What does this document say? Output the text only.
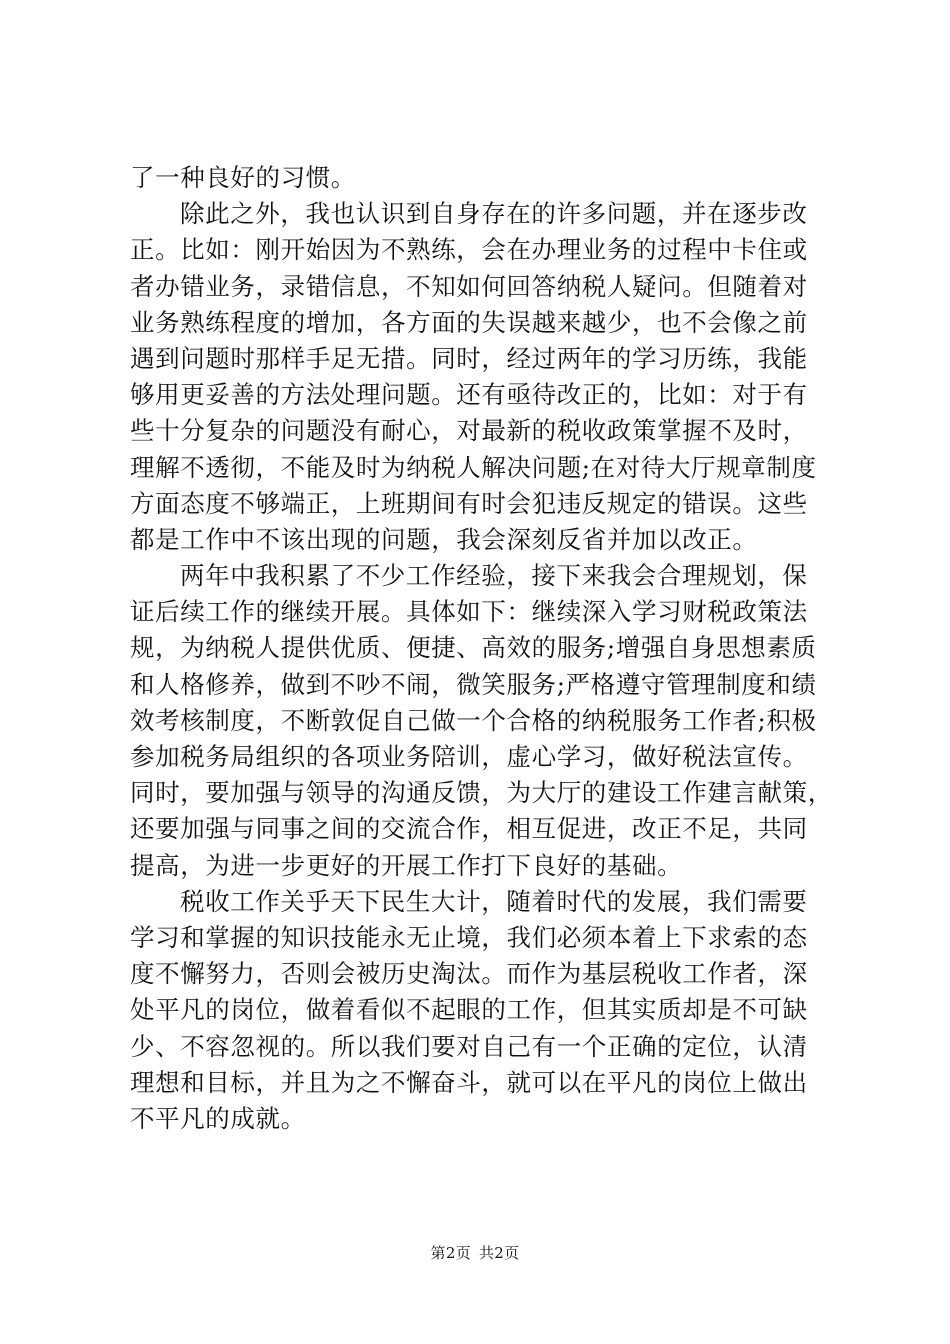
了一种良好的习惯。
除此之外，我也认识到自身存在的许多问题，并在逐步改
正。比如：刚开始因为不熟练，会在办理业务的过程中卡住或
者办错业务，录错信息，不知如何回答纳税人疑问。但随着对
业务熟练程度的增加，各方面的失误越来越少，也不会像之前
遇到问题时那样手足无措。同时，经过两年的学习历练，我能
够用更妥善的方法处理问题。还有亟待改正的，比如：对于有
些十分复杂的问题没有耐心，对最新的税收政策掌握不及时，
理解不透彻，不能及时为纳税人解决问题;在对待大厅规章制度
方面态度不够端正，上班期间有时会犯违反规定的错误。这些
都是工作中不该出现的问题，我会深刻反省并加以改正。
两年中我积累了不少工作经验，接下来我会合理规划，保
证后续工作的继续开展。具体如下：继续深入学习财税政策法
规，为纳税人提供优质、便捷、高效的服务;增强自身思想素质
和人格修养，做到不吵不闹，微笑服务;严格遵守管理制度和绩
效考核制度，不断敦促自己做一个合格的纳税服务工作者;积极
参加税务局组织的各项业务陪训，虚心学习，做好税法宣传。
同时，要加强与领导的沟通反馈，为大厅的建设工作建言献策，
还要加强与同事之间的交流合作，相互促进，改正不足，共同
提高，为进一步更好的开展工作打下良好的基础。
税收工作关乎天下民生大计，随着时代的发展，我们需要
学习和掌握的知识技能永无止境，我们必须本着上下求索的态
度不懈努力，否则会被历史淘汰。而作为基层税收工作者，深
处平凡的岗位，做着看似不起眼的工作，但其实质却是不可缺
少、不容忽视的。所以我们要对自己有一个正确的定位，认清
理想和目标，并且为之不懈奋斗，就可以在平凡的岗位上做出
不平凡的成就。
第2页 共2页
